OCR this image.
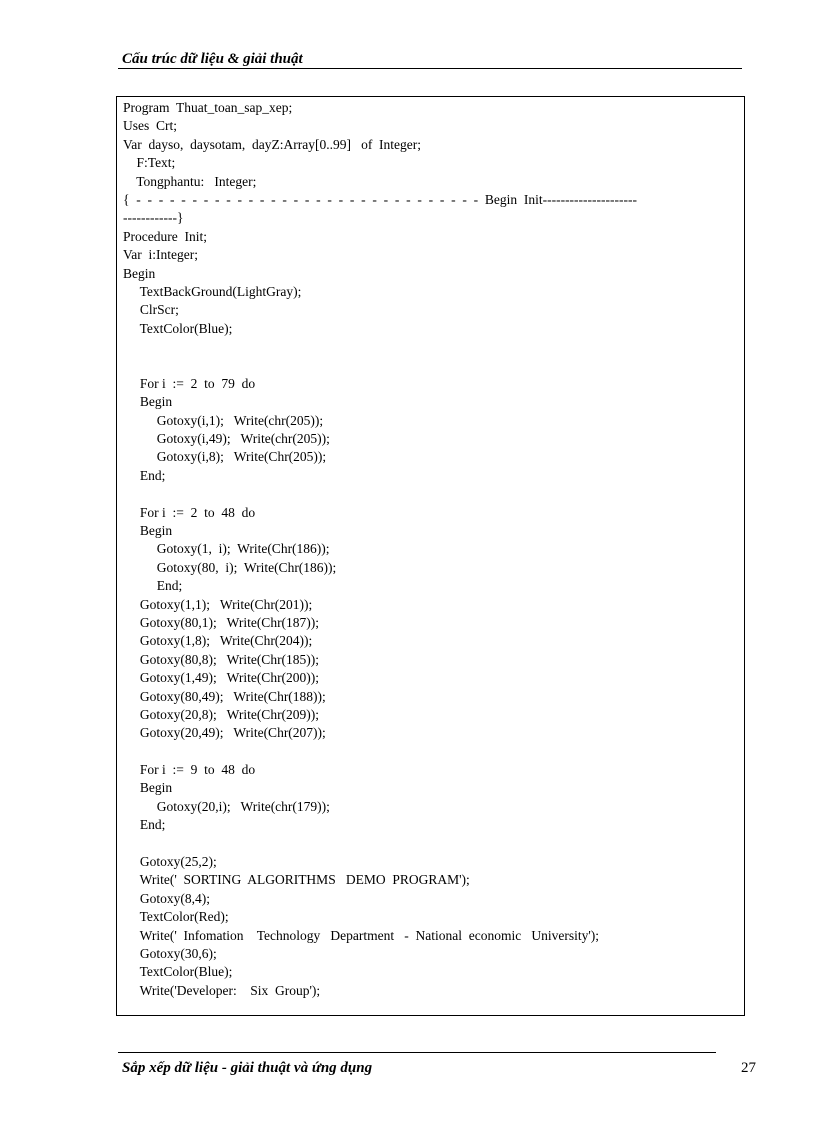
Cấu trúc dữ liệu & giải thuật
Program  Thuat_toan_sap_xep;
Uses  Crt;
Var  dayso,  daysotam,  dayZ:Array[0..99]   of  Integer;
F:Text;
Tongphantu:   Integer;
{  -  -  -  -  -  -  -  -  -  -  -  -  -  -  -  -  -  -  -  -  -  -  -  -  -  -  -  -  -  -  -  Begin  Init---------------------
------------}
Procedure  Init;
Var  i:Integer;
Begin
TextBackGround(LightGray);
ClrScr;
TextColor(Blue);
For i  :=  2  to  79  do
Begin
Gotoxy(i,1);   Write(chr(205));
Gotoxy(i,49);   Write(chr(205));
Gotoxy(i,8);   Write(Chr(205));
End;
For i  :=  2  to  48  do
Begin
Gotoxy(1,  i);  Write(Chr(186));
Gotoxy(80,  i);  Write(Chr(186));
End;
Gotoxy(1,1);   Write(Chr(201));
Gotoxy(80,1);   Write(Chr(187));
Gotoxy(1,8);   Write(Chr(204));
Gotoxy(80,8);   Write(Chr(185));
Gotoxy(1,49);   Write(Chr(200));
Gotoxy(80,49);   Write(Chr(188));
Gotoxy(20,8);   Write(Chr(209));
Gotoxy(20,49);   Write(Chr(207));
For i  :=  9  to  48  do
Begin
Gotoxy(20,i);   Write(chr(179));
End;
Gotoxy(25,2);
Write('  SORTING  ALGORITHMS   DEMO  PROGRAM');
Gotoxy(8,4);
TextColor(Red);
Write('  Infomation    Technology   Department   -  National  economic   University');
Gotoxy(30,6);
TextColor(Blue);
Write('Developer:    Six  Group');
Sắp xếp dữ liệu - giải thuật và ứng dụng	27
